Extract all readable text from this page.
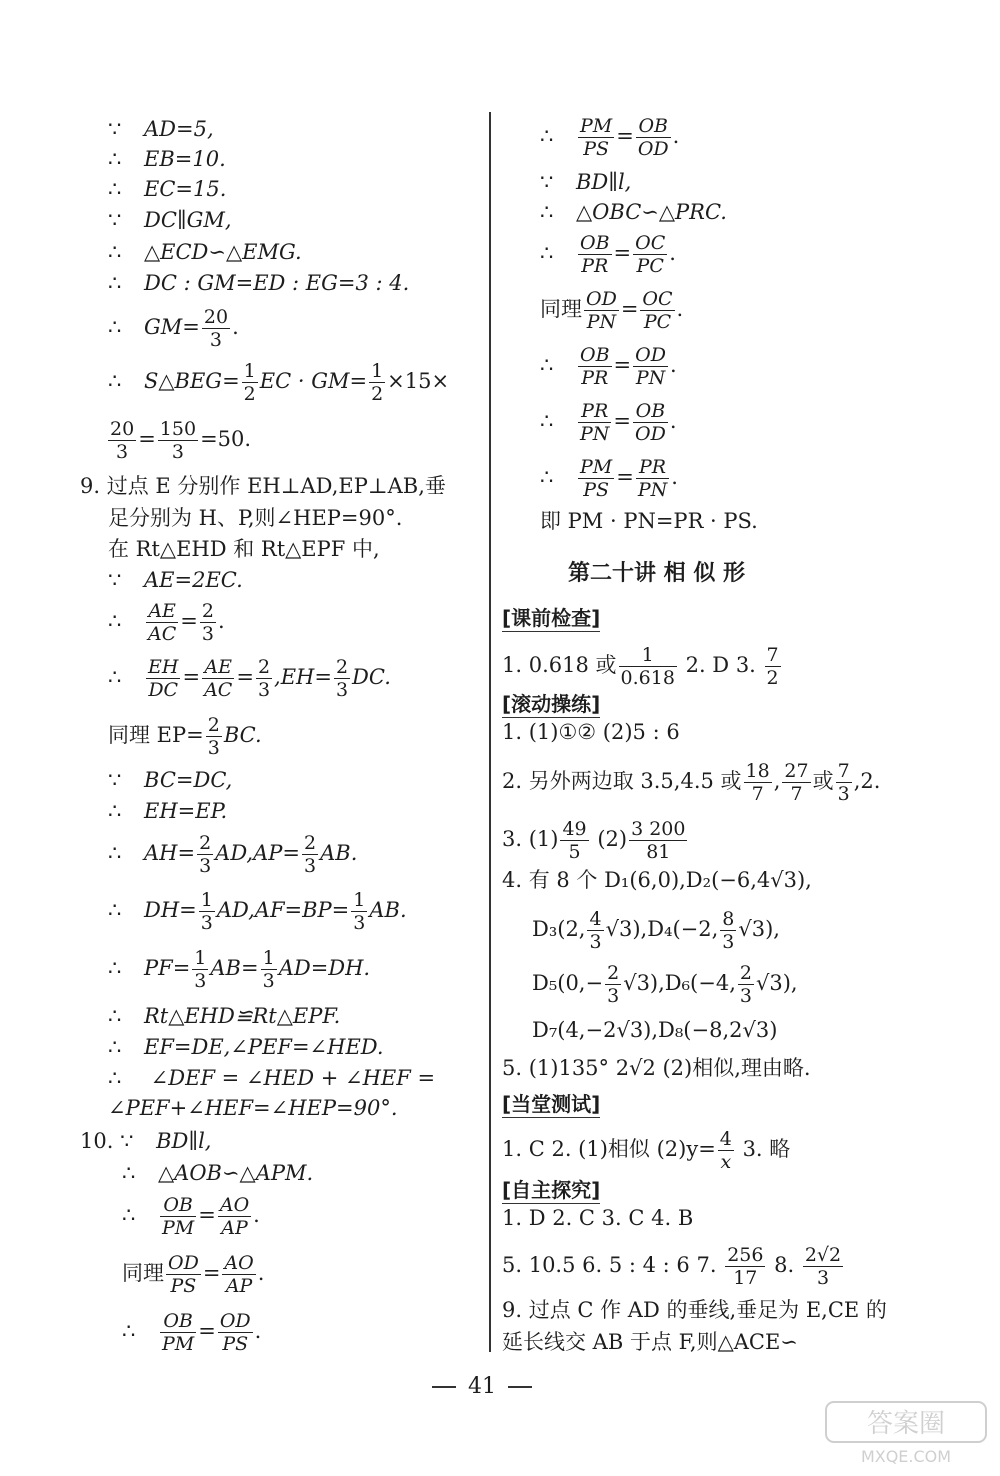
∵ AD=5,
∴ EB=10.
∴ EC=15.
∵ DC∥GM,
∴ △ECD∽△EMG.
∴ DC : GM=ED : EG=3 : 4.
∴ $GM= \frac{20}{3}$ .
∴ S△BEG= $\frac{1}{2}$ EC · $GM= \frac{1}{2} \times 15\times$
$\frac{20}{3} = \frac{150}{3} =50$.
9. 过点 E 分别作 EH⊥AD,EP⊥AB,垂
足分别为 H、P,则∠HEP=90°.
在 Rt△EHD 和 Rt△EPF 中,
∵ AE=2EC.
∴ $\frac{AE}{AC} = \frac{2}{3}$ .
∴ $\frac{EH}{DC} = \frac{AE}{AC} = \frac{2}{3} ,EH= \frac{2}{3}$ DC.
同理 $EP= \frac{2}{3}$ BC.
∵ BC=DC,
∴ EH=EP.
∴ $AH= \frac{2}{3} AD,AP= \frac{2}{3}$ AB.
∴ $DH= \frac{1}{3} AD,AF=BP= \frac{1}{3}$ AB.
∴ $PF= \frac{1}{3} AB= \frac{1}{3} AD=DH$.
∴ Rt△EHD≌Rt△EPF.
∴ EF=DE,∠PEF=∠HED.
∴ ∠DEF = ∠HED + ∠HEF =
∠PEF+∠HEF=∠HEP=90°.
10. ∵ BD∥l,
∴ △AOB∽△APM.
∴ $\frac{OB}{PM} = \frac{AO}{AP}$ .
同理 $\frac{OD}{PS} = \frac{AO}{AP}$ .
∴ $\frac{OB}{PM} = \frac{OD}{PS}$ .
∴ $\frac{PM}{PS} = \frac{OB}{OD}$ .
∵ BD∥l,
∴ △OBC∽△PRC.
∴ $\frac{OB}{PR} = \frac{OC}{PC}$ .
同理 $\frac{OD}{PN} = \frac{OC}{PC}$ .
∴ $\frac{OB}{PR} = \frac{OD}{PN}$ .
∴ $\frac{PR}{PN} = \frac{OB}{OD}$ .
∴ $\frac{PM}{PS} = \frac{PR}{PN}$ .
即 PM · PN=PR · PS.
第二十讲 相 似 形
[ 课前检查 ]
1. 0.618 或 $\frac{1}{0.618} 2$. D 3. $\frac{7}{2}$
[ 滚动操练 ]
1. (1)①② (2)5 : 6
2. 另外两边取 3.5,4.5 或 $\frac{18}{7}$ , $\frac{27}{7}$ 或 $\frac{7}{3} ,2$.
3. $(1) \frac{49}{5} (2) \frac{3 200}{81}$
4. 有 8 个 D₁(6,0),D₂(−6,4√3),
D₃(2, $\frac{4}{3} √3),D_4(-2$, $\frac{8}{3} √3$),
$D_5(0,- \frac{2}{3} √3),D_6(-4$, $\frac{2}{3} √3$),
D₇(4,−2√3),D₈(−8,2√3)
5. (1)135° 2√2 (2)相似,理由略.
[ 当堂测试 ]
1. C 2. (1)相似 $(2)y= \frac{4}{x} 3$. 略
[ 自主探究 ]
1. D 2. C 3. C 4. B
5. 10.5 6. 5 : 4 : 6 7. $\frac{256}{17} 8$. $\frac{2√2}{3}$
9. 过点 C 作 AD 的垂线,垂足为 E,CE 的
延长线交 AB 于点 F,则△ACE∽
41
答案圈
MXQE.COM
